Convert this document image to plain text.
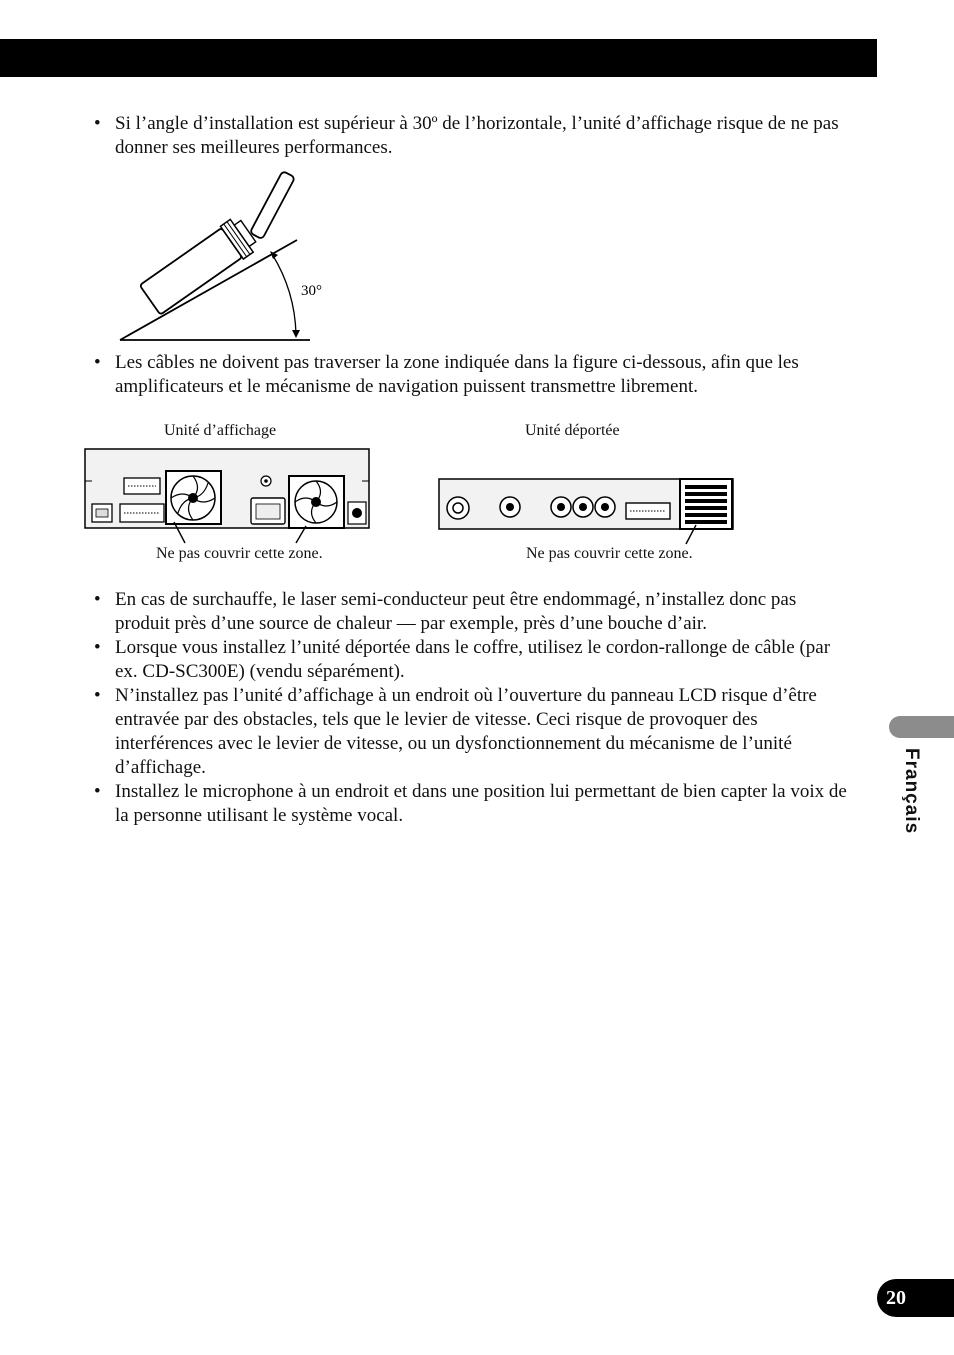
• Si l’angle d’installation est supérieur à 30º de l’horizontale, l’unité d’affichage risque de ne pas donner ses meilleures performances.
30°
• Les câbles ne doivent pas traverser la zone indiquée dans la figure ci-dessous, afin que les amplificateurs et le mécanisme de navigation puissent transmettre librement.
Unité d’affichage	Unité déportée
Ne pas couvrir cette zone.	Ne pas couvrir cette zone.
• En cas de surchauffe, le laser semi-conducteur peut être endommagé, n’installez donc pas produit près d’une source de chaleur — par exemple, près d’une bouche d’air.
• Lorsque vous installez l’unité déportée dans le coffre, utilisez le cordon-rallonge de câble (par ex. CD-SC300E) (vendu séparément).
• N’installez pas l’unité d’affichage à un endroit où l’ouverture du panneau LCD risque d’être entravée par des obstacles, tels que le levier de vitesse. Ceci risque de provoquer des interférences avec le levier de vitesse, ou un dysfonctionnement du mécanisme de l’unité d’affichage.
• Installez le microphone à un endroit et dans une position lui permettant de bien capter la voix de la personne utilisant le système vocal.	Français
20
